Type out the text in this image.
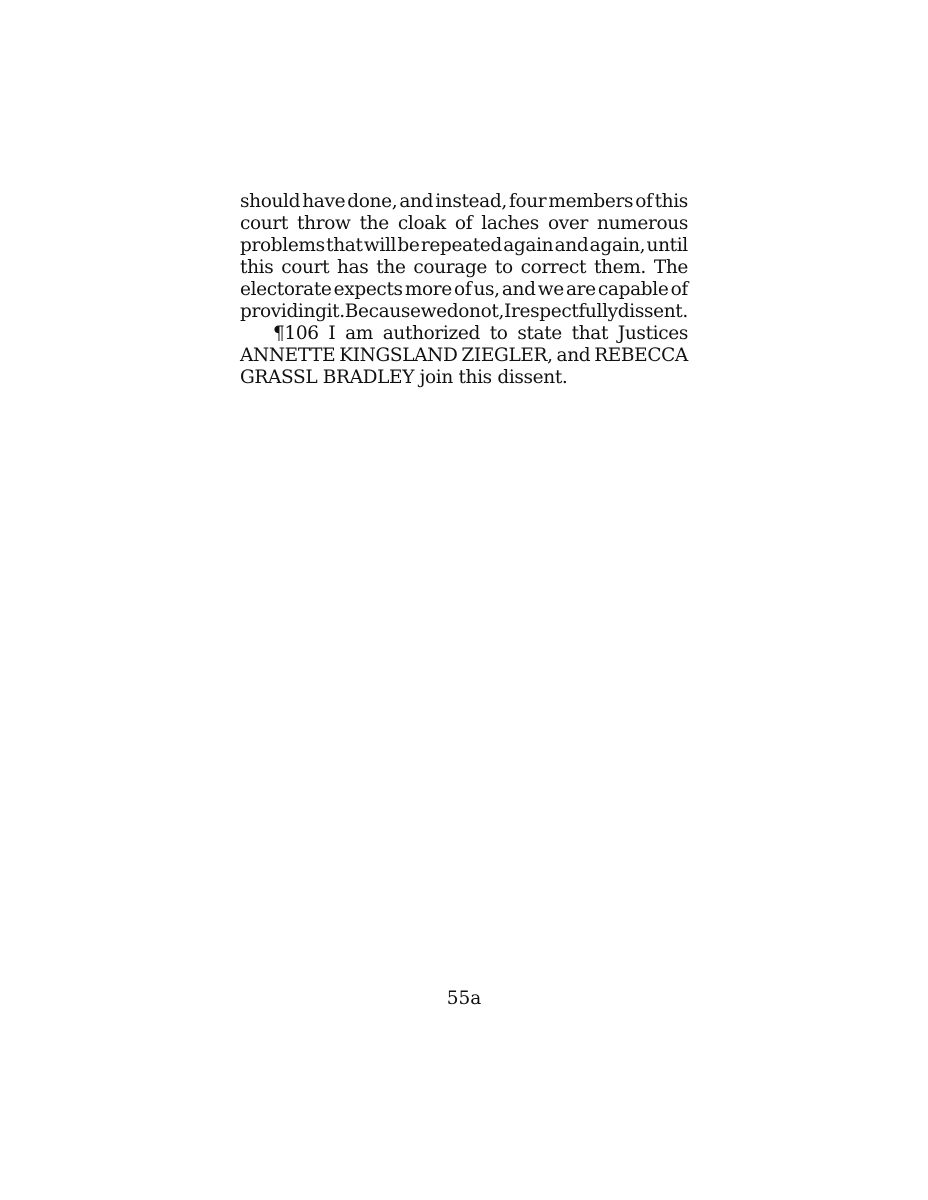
should have done, and instead, four members of this
court throw the cloak of laches over numerous
problems that will be repeated again and again, until
this court has the courage to correct them. The
electorate expects more of us, and we are capable of
providing it. Because we do not, I respectfully dissent.
¶106 I am authorized to state that Justices
ANNETTE KINGSLAND ZIEGLER, and REBECCA
GRASSL BRADLEY join this dissent.
55a
